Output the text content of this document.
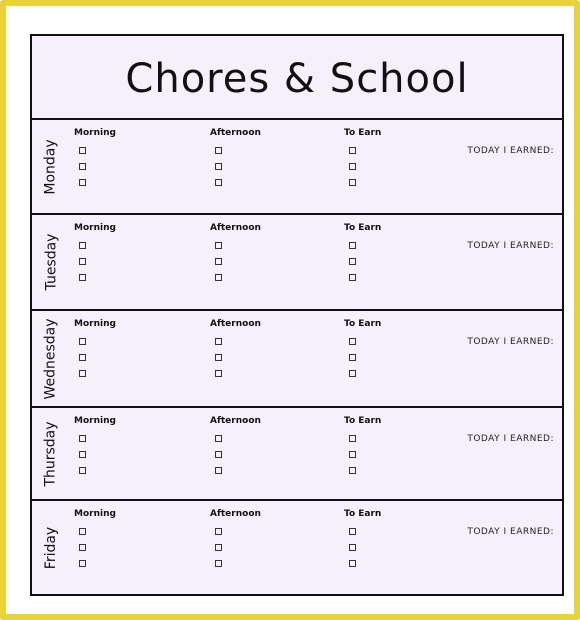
Chores & School
Monday
Morning	Afternoon	To Earn
TODAY I EARNED:
Tuesday
Morning	Afternoon	To Earn
TODAY I EARNED:
Wednesday Morning	Afternoon	To Earn
TODAY I EARNED:
Thursday Morning	Afternoon	To Earn
TODAY I EARNED:
Friday
Morning	Afternoon	To Earn
TODAY I EARNED:
